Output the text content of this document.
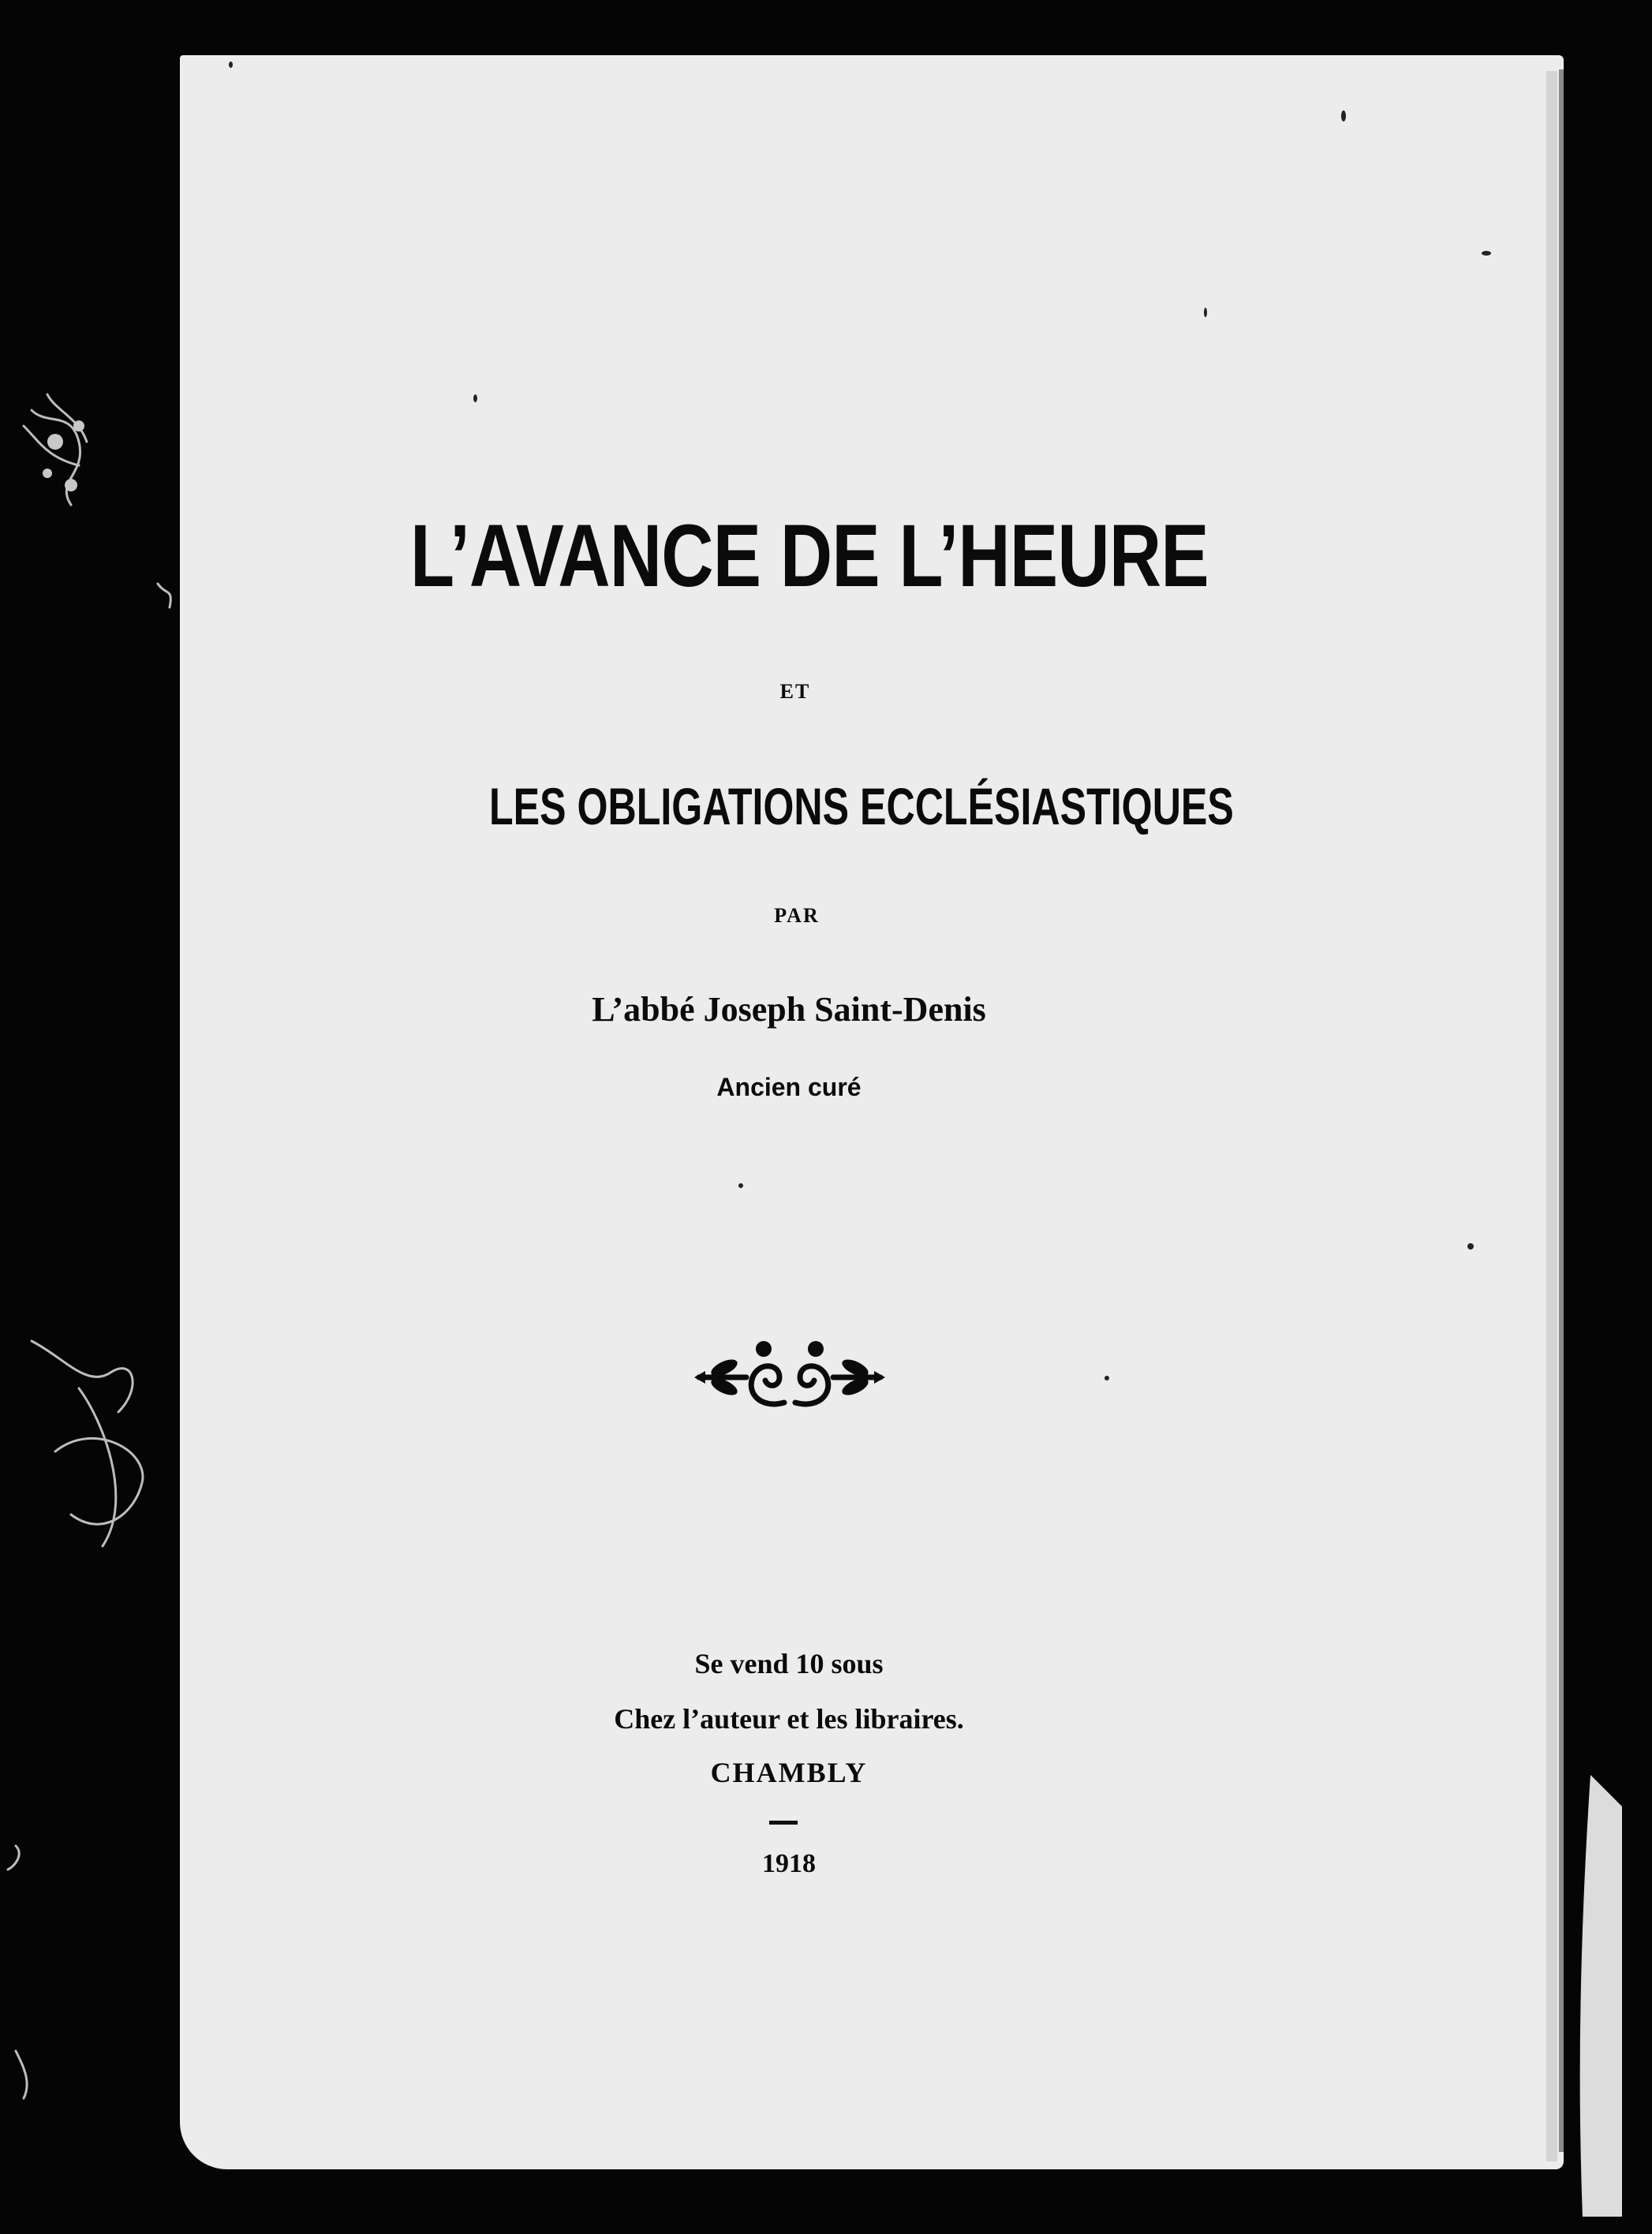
L’AVANCE DE L’HEURE
ET
LES OBLIGATIONS ECCLÉSIASTIQUES
PAR
L’abbé Joseph Saint-Denis
Ancien curé
Se vend 10 sous
Chez l’auteur et les libraires.
CHAMBLY
1918
